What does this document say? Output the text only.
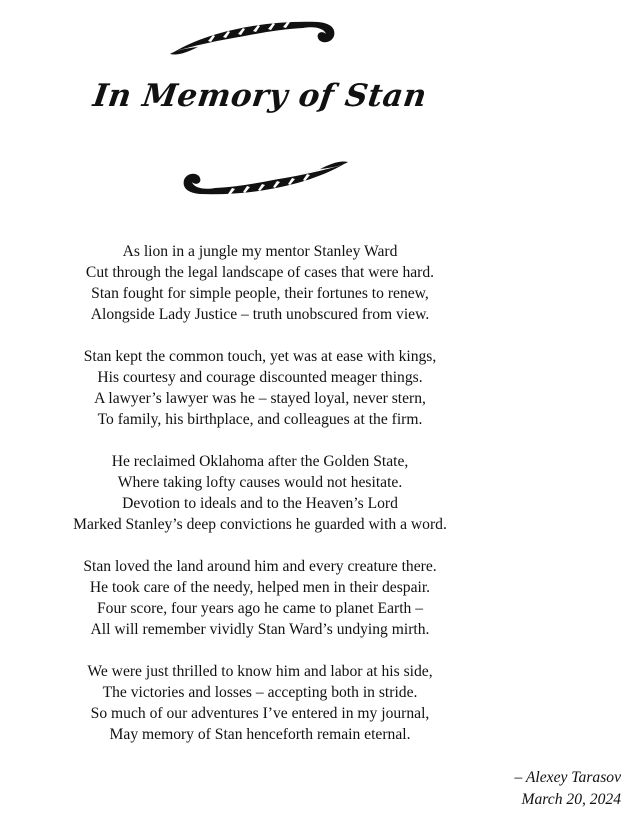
In Memory of Stan
As lion in a jungle my mentor Stanley Ward
Cut through the legal landscape of cases that were hard.
Stan fought for simple people, their fortunes to renew,
Alongside Lady Justice – truth unobscured from view.
Stan kept the common touch, yet was at ease with kings,
His courtesy and courage discounted meager things.
A lawyer’s lawyer was he – stayed loyal, never stern,
To family, his birthplace, and colleagues at the firm.
He reclaimed Oklahoma after the Golden State,
Where taking lofty causes would not hesitate.
Devotion to ideals and to the Heaven’s Lord
Marked Stanley’s deep convictions he guarded with a word.
Stan loved the land around him and every creature there.
He took care of the needy, helped men in their despair.
Four score, four years ago he came to planet Earth –
All will remember vividly Stan Ward’s undying mirth.
We were just thrilled to know him and labor at his side,
The victories and losses – accepting both in stride.
So much of our adventures I’ve entered in my journal,
May memory of Stan henceforth remain eternal.
– Alexey Tarasov
March 20, 2024
